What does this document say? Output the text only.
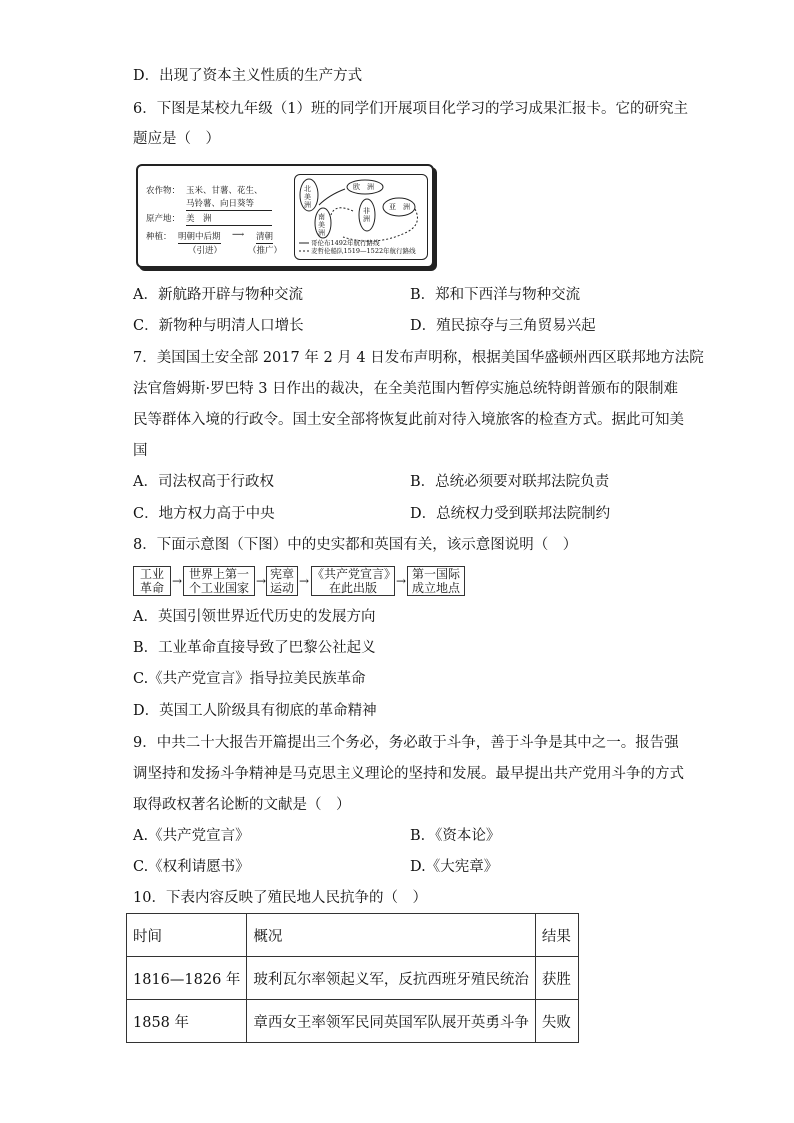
D．出现了资本主义性质的生产方式
6．下图是某校九年级（1）班的同学们开展项目化学习的学习成果汇报卡。它的研究主
题应是（　）
农作物： 玉米、甘薯、花生、
马铃薯、向日葵等
原产地： 美　洲
种植： 明朝中后期 ⟶ 清朝
（引进）	（推广）
北美洲
南美洲
欧　洲
非洲
亚　洲
哥伦布1492年航行路线
麦哲伦船队1519—1522年航行路线
A．新航路开辟与物种交流	B．郑和下西洋与物种交流
C．新物种与明清人口增长	D．殖民掠夺与三角贸易兴起
7．美国国土安全部 2017 年 2 月 4 日发布声明称，根据美国华盛顿州西区联邦地方法院
法官詹姆斯·罗巴特 3 日作出的裁决，在全美范围内暂停实施总统特朗普颁布的限制难
民等群体入境的行政令。国土安全部将恢复此前对待入境旅客的检查方式。据此可知美
国
A．司法权高于行政权	B．总统必须要对联邦法院负责
C．地方权力高于中央	D．总统权力受到联邦法院制约
8．下面示意图（下图）中的史实都和英国有关，该示意图说明（　）
工业
革命 → 世界上第一
个工业国家 → 宪章
运动 → 《共产党宣言》
在此出版	→ 第一国际
成立地点
A．英国引领世界近代历史的发展方向
B．工业革命直接导致了巴黎公社起义
C.《共产党宣言》指导拉美民族革命
D．英国工人阶级具有彻底的革命精神
9．中共二十大报告开篇提出三个务必，务必敢于斗争，善于斗争是其中之一。报告强
调坚持和发扬斗争精神是马克思主义理论的坚持和发展。最早提出共产党用斗争的方式
取得政权著名论断的文献是（　）
A.《共产党宣言》	B．《资本论》
C.《权利请愿书》	D.《大宪章》
10．下表内容反映了殖民地人民抗争的（　）
时间	概况	结果
1816—1826 年	玻利瓦尔率领起义军，反抗西班牙殖民统治	获胜
1858 年	章西女王率领军民同英国军队展开英勇斗争	失败
